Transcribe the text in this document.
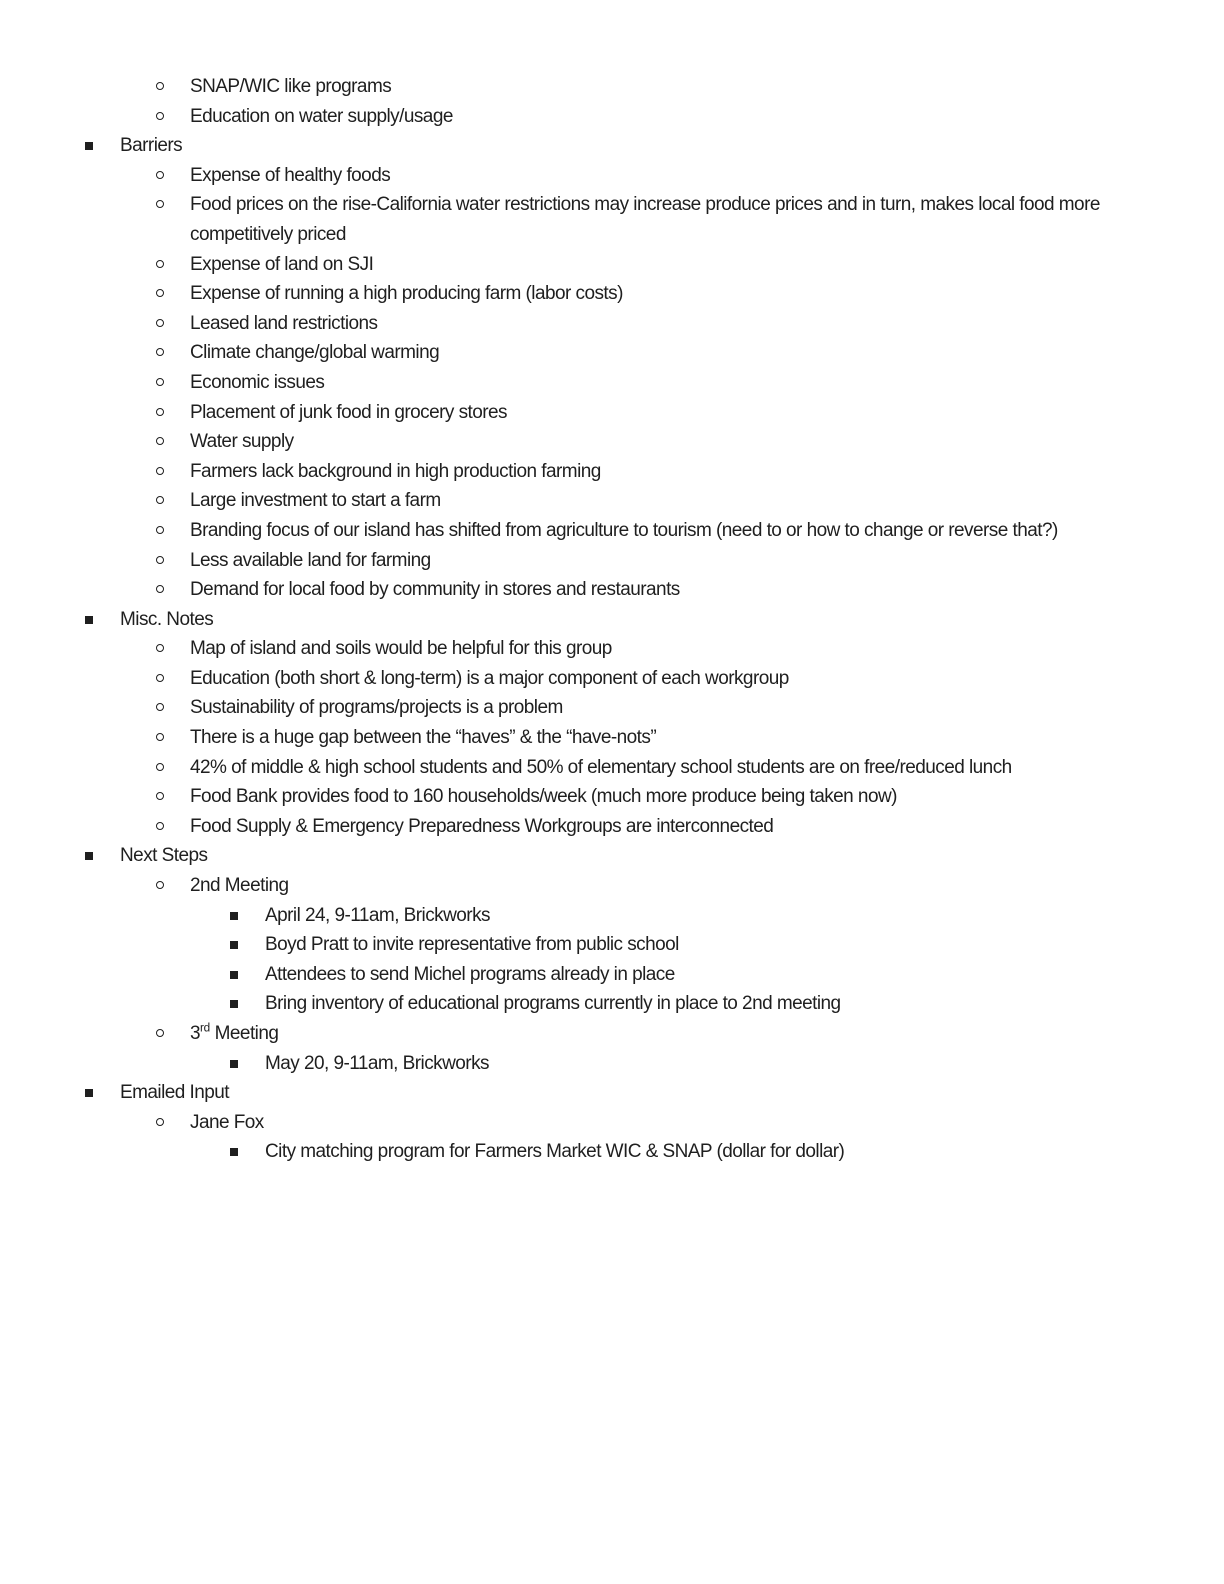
SNAP/WIC like programs
Education on water supply/usage
Barriers
Expense of healthy foods
Food prices on the rise-California water restrictions may increase produce prices and in turn, makes local food more competitively priced
Expense of land on SJI
Expense of running a high producing farm (labor costs)
Leased land restrictions
Climate change/global warming
Economic issues
Placement of junk food in grocery stores
Water supply
Farmers lack background in high production farming
Large investment to start a farm
Branding focus of our island has shifted from agriculture to tourism (need to or how to change or reverse that?)
Less available land for farming
Demand for local food by community in stores and restaurants
Misc. Notes
Map of island and soils would be helpful for this group
Education (both short & long-term) is a major component of each workgroup
Sustainability of programs/projects is a problem
There is a huge gap between the “haves” & the “have-nots”
42% of middle & high school students and 50% of elementary school students are on free/reduced lunch
Food Bank provides food to 160 households/week (much more produce being taken now)
Food Supply & Emergency Preparedness Workgroups are interconnected
Next Steps
2nd Meeting
April 24, 9-11am, Brickworks
Boyd Pratt to invite representative from public school
Attendees to send Michel programs already in place
Bring inventory of educational programs currently in place to 2nd meeting
3rd Meeting
May 20, 9-11am, Brickworks
Emailed Input
Jane Fox
City matching program for Farmers Market WIC & SNAP (dollar for dollar)
